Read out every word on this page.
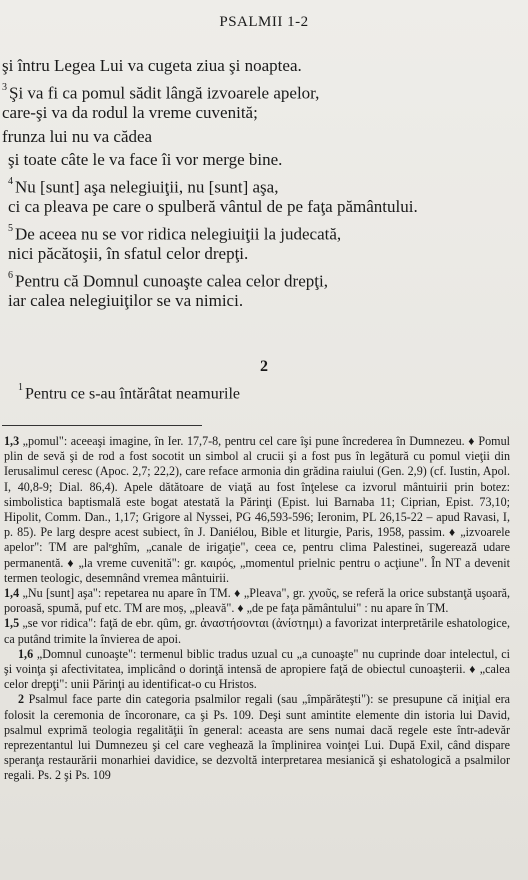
PSALMII 1-2
şi întru Legea Lui va cugeta ziua şi noaptea.
$^3$ Şi va fi ca pomul sădit lângă izvoarele apelor,
care-şi va da rodul la vreme cuvenită;
frunza lui nu va cădea
şi toate câte le va face îi vor merge bine.
$^4$ Nu [sunt] aşa nelegiuiţii, nu [sunt] aşa,
ci ca pleava pe care o spulberă vântul de pe faţa pământului.
$^5$ De aceea nu se vor ridica nelegiuiţii la judecată,
nici păcătoşii, în sfatul celor drepţi.
$^6$ Pentru că Domnul cunoaşte calea celor drepţi,
iar calea nelegiuiţilor se va nimici.
2
$^1$ Pentru ce s-au întărâtat neamurile

1,3 „pomul": aceeaşi imagine, în Ier. 17,7-8, pentru cel care îşi pune încrederea în Dumnezeu. ♦ Pomul plin de sevă şi de rod a fost socotit un simbol al crucii şi a fost pus în legătură cu pomul vieţii din Ierusalimul ceresc (Apoc. 2,7; 22,2), care reface armonia din grădina raiului (Gen. 2,9) (cf. Iustin, Apol. I, 40,8-9; Dial. 86,4). Apele dătătoare de viaţă au fost înţelese ca izvorul mântuirii prin botez: simbolistica baptismală este bogat atestată la Părinţi (Epist. lui Barnaba 11; Ciprian, Epist. 73,10; Hipolit, Comm. Dan., 1,17; Grigore al Nyssei, PG 46,593-596; Ieronim, PL 26,15-22 – apud Ravasi, I, p. 85). Pe larg despre acest subiect, în J. Daniélou, Bible et liturgie, Paris, 1958, passim. ♦ „izvoarele apelor": TM are palᵉghîm, „canale de irigaţie", ceea ce, pentru clima Palestinei, sugerează udare permanentă. ♦ „la vreme cuvenită": gr. καιρός, „momentul prielnic pentru o acţiune". În NT a devenit termen teologic, desemnând vremea mântuirii.

1,4 „Nu [sunt] aşa": repetarea nu apare în TM. ♦ „Pleava", gr. χνοῦς, se referă la orice substanţă uşoară, poroasă, spumă, puf etc. TM are moṣ, „pleavă". ♦ „de pe faţa pământului" : nu apare în TM.

1,5 „se vor ridica": faţă de ebr. qûm, gr. ἀναστήσονται (ἀνίστημι) a favorizat interpretările eshatologice, ca putând trimite la învierea de apoi.

1,6 „Domnul cunoaşte": termenul biblic tradus uzual cu „a cunoaşte" nu cuprinde doar intelectul, ci şi voinţa şi afectivitatea, implicând o dorinţă intensă de apropiere faţă de obiectul cunoaşterii. ♦ „calea celor drepţi": unii Părinţi au identificat-o cu Hristos.

2 Psalmul face parte din categoria psalmilor regali (sau „împărăteşti"): se presupune că iniţial era folosit la ceremonia de încoronare, ca şi Ps. 109. Deşi sunt amintite elemente din istoria lui David, psalmul exprimă teologia regalităţii în general: aceasta are sens numai dacă regele este într-adevăr reprezentantul lui Dumnezeu şi cel care veghează la împlinirea voinţei Lui. După Exil, când dispare speranţa restaurării monarhiei davidice, se dezvoltă interpretarea mesianică şi eshatologică a psalmilor regali. Ps. 2 şi Ps. 109
